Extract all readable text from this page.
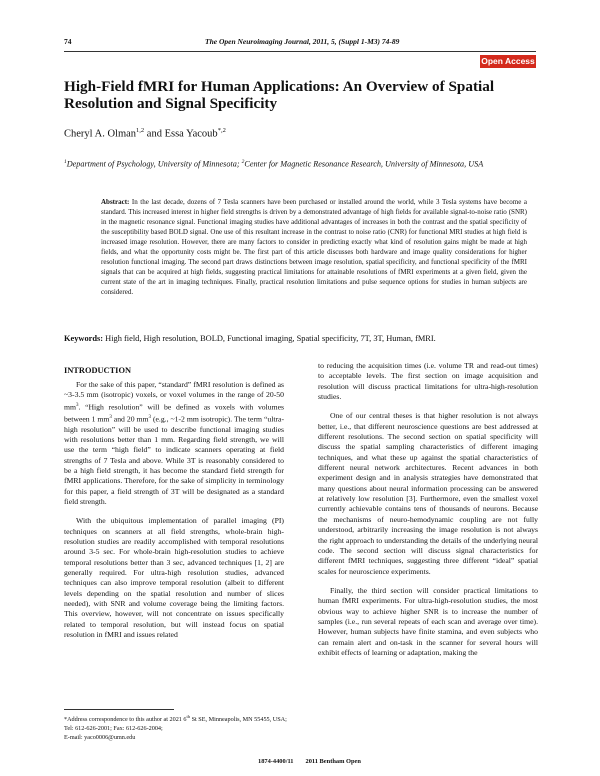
74	The Open Neuroimaging Journal, 2011, 5, (Suppl 1-M3) 74-89
Open Access
High-Field fMRI for Human Applications: An Overview of Spatial Resolution and Signal Specificity
Cheryl A. Olman$^{1,2}$ and Essa Yacoub$^{*,2}$
$^1$Department of Psychology, University of Minnesota; $^2$Center for Magnetic Resonance Research, University of Minnesota, USA
Abstract: In the last decade, dozens of 7 Tesla scanners have been purchased or installed around the world, while 3 Tesla systems have become a standard. This increased interest in higher field strengths is driven by a demonstrated advantage of high fields for available signal-to-noise ratio (SNR) in the magnetic resonance signal. Functional imaging studies have additional advantages of increases in both the contrast and the spatial specificity of the susceptibility based BOLD signal. One use of this resultant increase in the contrast to noise ratio (CNR) for functional MRI studies at high field is increased image resolution. However, there are many factors to consider in predicting exactly what kind of resolution gains might be made at high fields, and what the opportunity costs might be. The first part of this article discusses both hardware and image quality considerations for higher resolution functional imaging. The second part draws distinctions between image resolution, spatial specificity, and functional specificity of the fMRI signals that can be acquired at high fields, suggesting practical limitations for attainable resolutions of fMRI experiments at a given field, given the current state of the art in imaging techniques. Finally, practical resolution limitations and pulse sequence options for studies in human subjects are considered.
Keywords: High field, High resolution, BOLD, Functional imaging, Spatial specificity, 7T, 3T, Human, fMRI.
INTRODUCTION

For the sake of this paper, “standard” fMRI resolution is defined as ~3-3.5 mm (isotropic) voxels, or voxel volumes in the range of 20-50 $mm^3$. “High resolution” will be defined as voxels with volumes between 1 $mm^3$ and 20 $mm^3$ (e.g., ~1-2 mm isotropic). The term “ultra-high resolution” will be used to describe functional imaging studies with resolutions better than 1 mm. Regarding field strength, we will use the term “high field” to indicate scanners operating at field strengths of 7 Tesla and above. While 3T is reasonably considered to be a high field strength, it has become the standard field strength for fMRI applications. Therefore, for the sake of simplicity in terminology for this paper, a field strength of 3T will be designated as a standard field strength.

With the ubiquitous implementation of parallel imaging (PI) techniques on scanners at all field strengths, whole-brain high-resolution studies are readily accomplished with temporal resolutions around 3-5 sec. For whole-brain high-resolution studies to achieve temporal resolutions better than 3 sec, advanced techniques [1, 2] are generally required. For ultra-high resolution studies, advanced techniques can also improve temporal resolution (albeit to different levels depending on the spatial resolution and number of slices needed), with SNR and volume coverage being the limiting factors. This overview, however, will not concentrate on issues specifically related to temporal resolution, but will instead focus on spatial resolution in fMRI and issues related

to reducing the acquisition times (i.e. volume TR and read-out times) to acceptable levels. The first section on image acquisition and resolution will discuss practical limitations for ultra-high-resolution studies.

One of our central theses is that higher resolution is not always better, i.e., that different neuroscience questions are best addressed at different resolutions. The second section on spatial specificity will discuss the spatial sampling characteristics of different imaging techniques, and what these up against the spatial characteristics of different neural network architectures. Recent advances in both experiment design and in analysis strategies have demonstrated that many questions about neural information processing can be answered at relatively low resolution [3]. Furthermore, even the smallest voxel currently achievable contains tens of thousands of neurons. Because the mechanisms of neuro-hemodynamic coupling are not fully understood, arbitrarily increasing the image resolution is not always the right approach to understanding the details of the underlying neural code. The second section will discuss signal characteristics for different fMRI techniques, suggesting three different “ideal” spatial scales for neuroscience experiments.

Finally, the third section will consider practical limitations to human fMRI experiments. For ultra-high-resolution studies, the most obvious way to achieve higher SNR is to increase the number of samples (i.e., run several repeats of each scan and average over time). However, human subjects have finite stamina, and even subjects who can remain alert and on-task in the scanner for several hours will exhibit effects of learning or adaptation, making the

*Address correspondence to this author at 2021 6th St SE, Minneapolis, MN 55455, USA; Tel: 612-626-2001; Fax: 612-626-2004;
E-mail: yaco0006@umn.edu
1874-4400/11 2011 Bentham Open
